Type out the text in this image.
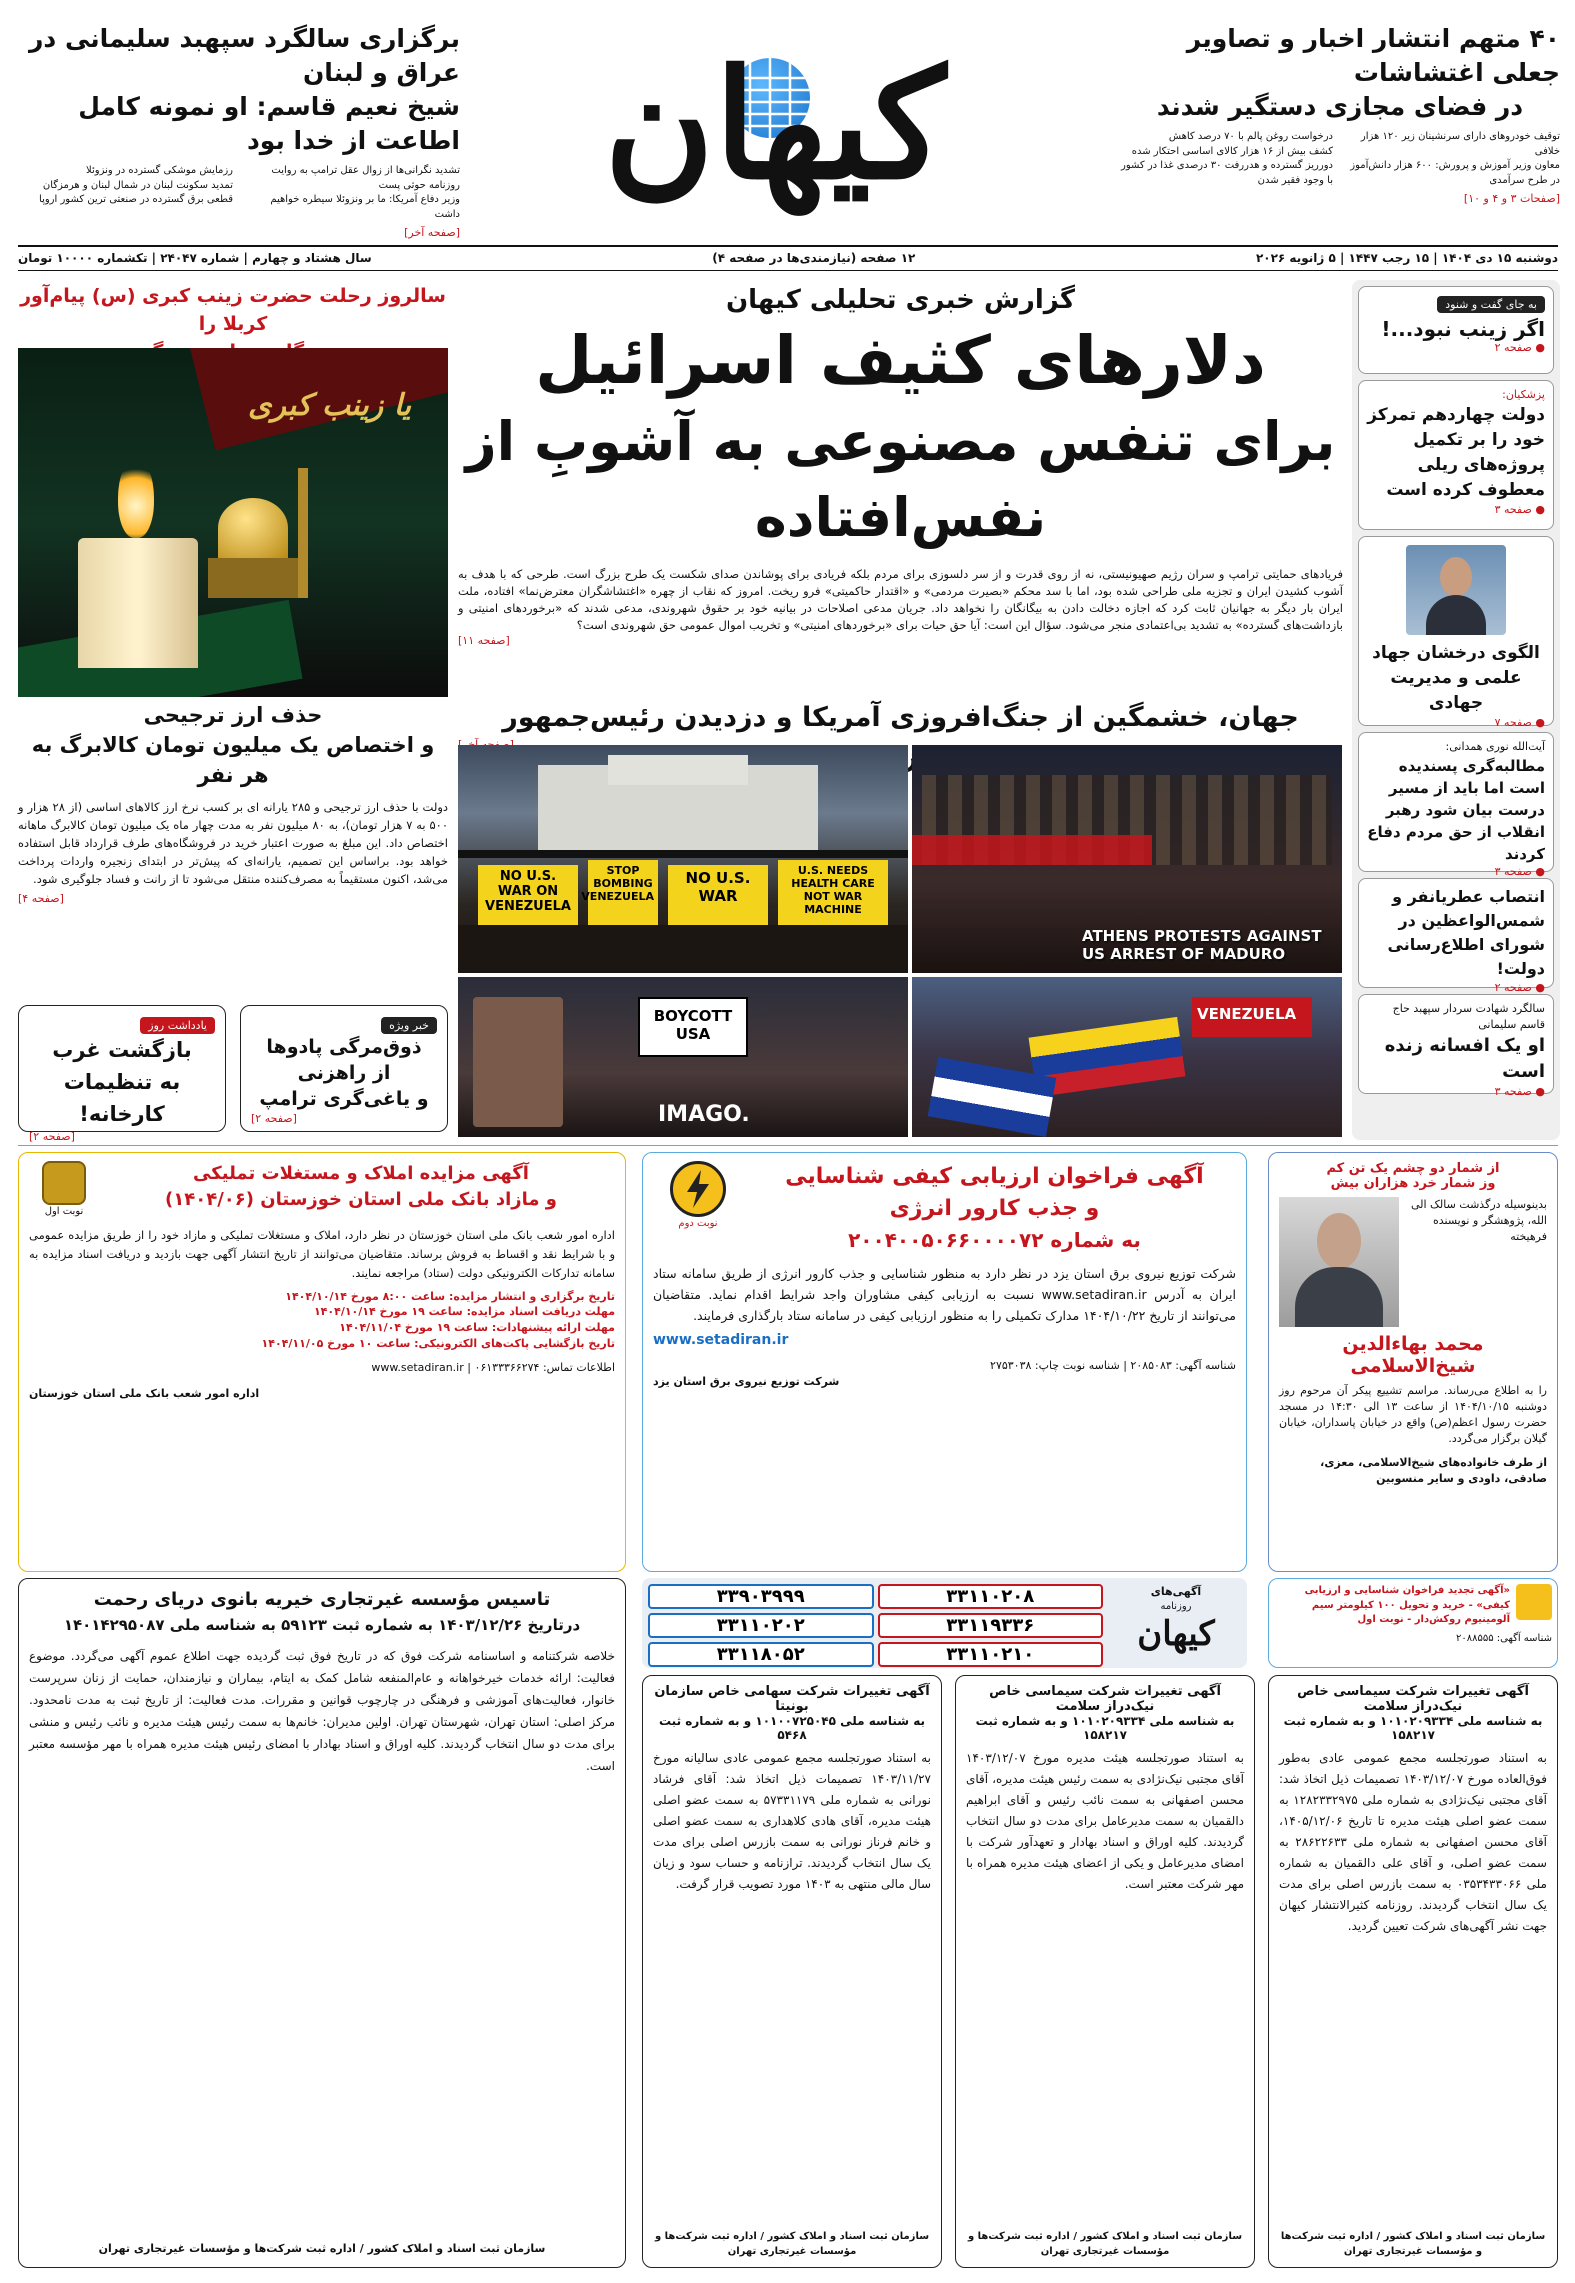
برگزاری سالگرد سپهبد سلیمانی در عراق و لبنان
شیخ نعیم قاسم: او نمونه کامل اطاعت از خدا بود
تشدید نگرانی‌ها از زوال عقل ترامپ به روایت روزنامه حوثی پست
وزیر دفاع آمریکا: ما بر ونزوئلا سیطره خواهیم داشت
رزمایش موشکی گسترده در ونزوئلا
تمدید سکونت لبنان در شمال لبنان و هرمزگان
قطعی برق گسترده در صنعتی ترین کشور اروپا
[صفحه آخر]
کیهان	۴۰ متهم انتشار اخبار و تصاویر جعلی اغتشاشات
در فضای مجازی دستگیر شدند
توقیف خودروهای دارای سرنشینان زیر ۱۲۰ هزار خلافی
معاون وزیر آموزش و پرورش: ۶۰۰ هزار دانش‌آموز در طرح سرآمدی
درخواست روغن پالم با ۷۰ درصد کاهش
کشف بیش از ۱۶ هزار کالای اساسی احتکار شده
دورریز گسترده و هدررفت ۳۰ درصدی غذا در کشور با وجود فقیر شدن
[صفحات ۳ و ۴ و ۱۰]
دوشنبه ۱۵ دی ۱۴۰۴ | ۱۵ رجب ۱۴۴۷ | ۵ ژانویه ۲۰۲۶
۱۲ صفحه (نیازمندی‌ها در صفحه ۴)
سال هشتاد و چهارم | شماره ۲۴۰۴۷ | تکشماره ۱۰۰۰۰ تومان
به جای گفت و شنود
اگر زینب نبود...!
● صفحه ۲
پزشکیان:
دولت چهاردهم تمرکز خود را بر تکمیل پروژه‌های ریلی معطوف کرده است
● صفحه ۳
الگوی درخشان جهاد علمی و مدیریت جهادی
● صفحه ۷
آیت‌الله نوری همدانی:
مطالبه‌گری پسندیده است اما باید از مسیر درست بیان شود رهبر انقلاب از حق مردم دفاع کردند
● صفحه ۳
انتصاب عطریانفر و شمس‌الواعظین در شورای اطلاع‌رسانی دولت!
● صفحه ۲
سالگرد شهادت سردار سپهبد حاج قاسم سلیمانی
او یک افسانه زنده است
● صفحه ۳
گزارش خبری تحلیلی کیهان
دلارهای کثیف اسرائیل
برای تنفس مصنوعی به آشوبِ از نفس‌افتاده
فریادهای حمایتی ترامپ و سران رژیم صهیونیستی، نه از روی قدرت و از سر دلسوزی برای مردم بلکه فریادی برای پوشاندن صدای شکست یک طرح بزرگ است. طرحی که با هدف به آشوب کشیدن ایران و تجزیه ملی طراحی شده بود، اما با سد محکم «بصیرت مردمی» و «اقتدار حاکمیتی» فرو ریخت. امروز که نقاب از چهره «اغتشاشگران معترض‌نما» افتاده، ملت ایران بار دیگر به جهانیان ثابت کرد که اجازه دخالت دادن به بیگانگان را نخواهد داد. جریان مدعی اصلاحات در بیانیه خود بر حقوق شهروندی، مدعی شدند که «برخوردهای امنیتی و بازداشت‌های گسترده» به تشدید بی‌اعتمادی منجر می‌شود. سؤال این است: آیا حق حیات برای «برخوردهای امنیتی» و تخریب اموال عمومی حق شهروندی است؟
[صفحه ۱۱]
سالروز رحلت حضرت زینب کبری (س) پیام‌آور کربلا را
یا زینب کبری
جهان، خشمگین از جنگ‌افروزی آمریکا و دزدیدن رئیس‌جمهور
NO U.S. WAR ON VENEZUELA
STOP BOMBING VENEZUELA
NO U.S. WAR
U.S. NEEDS HEALTH CARE NOT WAR MACHINE
ATHENS PROTESTS AGAINST US ARREST OF MADURO
VENEZUELA
BOYCOTT USA
IMAGO.
حذف ارز ترجیحی
و اختصاص یک میلیون تومان کالابرگ به هر نفر
دولت با حذف ارز ترجیحی و ۲۸۵ یارانه ای بر کسب نرخ ارز کالاهای اساسی (از ۲۸ هزار و ۵۰۰ به ۷ هزار تومان)، به ۸۰ میلیون نفر به مدت چهار ماه یک میلیون تومان کالابرگ ماهانه اختصاص داد. این مبلغ به صورت اعتبار خرید در فروشگاه‌های طرف قرارداد قابل استفاده خواهد بود. براساس این تصمیم، یارانه‌ای که پیش‌تر در ابتدای زنجیره واردات پرداخت می‌شد، اکنون مستقیماً به مصرف‌کننده منتقل می‌شود تا از رانت و فساد جلوگیری شود.
[صفحه ۴]
خبر ویژه
ذوق‌مرگی پادوها
از راهزنی
و یاغی‌گری ترامپ
[صفحه ۲]
یادداشت روز
بازگشت غرب
به تنظیمات کارخانه!
[صفحه ۲]
از شمار دو چشم یک تن کم
وز شمار خرد هزاران بیش
بدینوسیله درگذشت سالک الی الله، پژوهشگر و نویسنده فرهیخته
محمد بهاءالدین
شیخ‌الاسلامی
را به اطلاع می‌رساند. مراسم تشییع پیکر آن مرحوم روز دوشنبه ۱۴۰۴/۱۰/۱۵ از ساعت ۱۳ الی ۱۴:۳۰ در مسجد حضرت رسول اعظم(ص) واقع در خیابان پاسداران، خیابان گیلان برگزار می‌گردد.
از طرف خانواده‌های شیخ‌الاسلامی، معزی، صادقی، داودی و سایر منسوبین
آگهی فراخوان ارزیابی کیفی شناسایی
و جذب کارور انرژی
به شماره ۲۰۰۴۰۰۵۰۶۶۰۰۰۰۷۲
نوبت دوم
شرکت توزیع نیروی برق استان یزد در نظر دارد به منظور شناسایی و جذب کارور انرژی از طریق سامانه ستاد ایران به آدرس www.setadiran.ir نسبت به ارزیابی کیفی مشاوران واجد شرایط اقدام نماید. متقاضیان می‌توانند از تاریخ ۱۴۰۴/۱۰/۲۲ مدارک تکمیلی را به منظور ارزیابی کیفی در سامانه ستاد بارگذاری فرمایند.
www.setadiran.ir
شناسه آگهی: ۲۰۸۵۰۸۳ | شناسه نوبت چاپ: ۲۷۵۳۰۳۸
شرکت توزیع نیروی برق استان یزد
آگهی مزایده املاک و مستغلات تملیکی
و مازاد بانک ملی استان خوزستان (۱۴۰۴/۰۶)
نوبت اول
اداره امور شعب بانک ملی استان خوزستان در نظر دارد، املاک و مستغلات تملیکی و مازاد خود را از طریق مزایده عمومی و با شرایط نقد و اقساط به فروش برساند. متقاضیان می‌توانند از تاریخ انتشار آگهی جهت بازدید و دریافت اسناد مزایده به سامانه تدارکات الکترونیکی دولت (ستاد) مراجعه نمایند.
تاریخ برگزاری و انتشار مزایده: ساعت ۸:۰۰ مورخ ۱۴۰۴/۱۰/۱۴
مهلت دریافت اسناد مزایده: ساعت ۱۹ مورخ ۱۴۰۴/۱۰/۱۴
مهلت ارائه پیشنهادات: ساعت ۱۹ مورخ ۱۴۰۴/۱۱/۰۴
تاریخ بازگشایی پاکت‌های الکترونیکی: ساعت ۱۰ مورخ ۱۴۰۴/۱۱/۰۵
اطلاعات تماس: ۰۶۱۳۳۳۶۶۲۷۴ | www.setadiran.ir
اداره امور شعب بانک ملی استان خوزستان
«آگهی تجدید فراخوان شناسایی و ارزیابی کیفی» - خرید و تحویل ۱۰۰ کیلومتر سیم آلومینیوم روکش‌دار - نوبت اول
شناسه آگهی: ۲۰۸۸۵۵۵
آگهی‌های
روزنامه
کیهان
۳۳۱۱۰۲۰۸
۳۳۹۰۳۹۹۹
۳۳۱۱۹۳۳۶
۳۳۱۱۰۲۰۲
۳۳۱۱۰۲۱۰
۳۳۱۱۸۰۵۲
تاسیس مؤسسه غیرتجاری خیریه بانوی دریای رحمت
درتاریخ ۱۴۰۳/۱۲/۲۶ به شماره ثبت ۵۹۱۲۳ به شناسه ملی ۱۴۰۱۴۲۹۵۰۸۷
خلاصه شرکتنامه و اساسنامه شرکت فوق که در تاریخ فوق ثبت گردیده جهت اطلاع عموم آگهی می‌گردد. موضوع فعالیت: ارائه خدمات خیرخواهانه و عام‌المنفعه شامل کمک به ایتام، بیماران و نیازمندان، حمایت از زنان سرپرست خانوار، فعالیت‌های آموزشی و فرهنگی در چارچوب قوانین و مقررات. مدت فعالیت: از تاریخ ثبت به مدت نامحدود. مرکز اصلی: استان تهران، شهرستان تهران. اولین مدیران: خانم‌ها به سمت رئیس هیئت مدیره و نائب رئیس و منشی برای مدت دو سال انتخاب گردیدند. کلیه اوراق و اسناد بهادار با امضای رئیس هیئت مدیره همراه با مهر مؤسسه معتبر است.
سازمان ثبت اسناد و املاک کشور / اداره ثبت شرکت‌ها و مؤسسات غیرتجاری تهران
آگهی تغییرات شرکت سیماسی خاص نیک‌دراز سلامت
به شناسه ملی ۱۰۱۰۲۰۹۳۳۴ و به شماره ثبت ۱۵۸۲۱۷
به استناد صورتجلسه مجمع عمومی عادی به‌طور فوق‌العاده مورخ ۱۴۰۳/۱۲/۰۷ تصمیمات ذیل اتخاذ شد: آقای مجتبی نیک‌نژادی به شماره ملی ۱۲۸۲۳۳۲۹۷۵ به سمت عضو اصلی هیئت مدیره تا تاریخ ۱۴۰۵/۱۲/۰۶، آقای محسن اصفهانی به شماره ملی ۲۸۶۲۲۶۳۳ به سمت عضو اصلی، و آقای علی دالقمیان به شماره ملی ۰۳۵۳۴۳۳۰۶۶ به سمت بازرس اصلی برای مدت یک سال انتخاب گردیدند. روزنامه کثیرالانتشار کیهان جهت نشر آگهی‌های شرکت تعیین گردید.
سازمان ثبت اسناد و املاک کشور / اداره ثبت شرکت‌ها و مؤسسات غیرتجاری تهران
آگهی تغییرات شرکت سیماسی خاص نیک‌دراز سلامت
به شناسه ملی ۱۰۱۰۲۰۹۳۳۴ و به شماره ثبت ۱۵۸۲۱۷
به استناد صورتجلسه هیئت مدیره مورخ ۱۴۰۳/۱۲/۰۷ آقای مجتبی نیک‌نژادی به سمت رئیس هیئت مدیره، آقای محسن اصفهانی به سمت نائب رئیس و آقای ابراهیم دالقمیان به سمت مدیرعامل برای مدت دو سال انتخاب گردیدند. کلیه اوراق و اسناد بهادار و تعهدآور شرکت با امضای مدیرعامل و یکی از اعضای هیئت مدیره همراه با مهر شرکت معتبر است.
سازمان ثبت اسناد و املاک کشور / اداره ثبت شرکت‌ها و مؤسسات غیرتجاری تهران
آگهی تغییرات شرکت سهامی خاص سازمان بونیتا
به شناسه ملی ۱۰۱۰۰۷۲۵۰۴۵ و به شماره ثبت ۵۴۶۸
به استناد صورتجلسه مجمع عمومی عادی سالیانه مورخ ۱۴۰۳/۱۱/۲۷ تصمیمات ذیل اتخاذ شد: آقای فرشاد نورانی به شماره ملی ۵۷۳۳۱۱۷۹ به سمت عضو اصلی هیئت مدیره، آقای هادی کلاهداری به سمت عضو اصلی و خانم فرناز نورانی به سمت بازرس اصلی برای مدت یک سال انتخاب گردیدند. ترازنامه و حساب سود و زیان سال مالی منتهی به ۱۴۰۳ مورد تصویب قرار گرفت.
سازمان ثبت اسناد و املاک کشور / اداره ثبت شرکت‌ها و مؤسسات غیرتجاری تهران
